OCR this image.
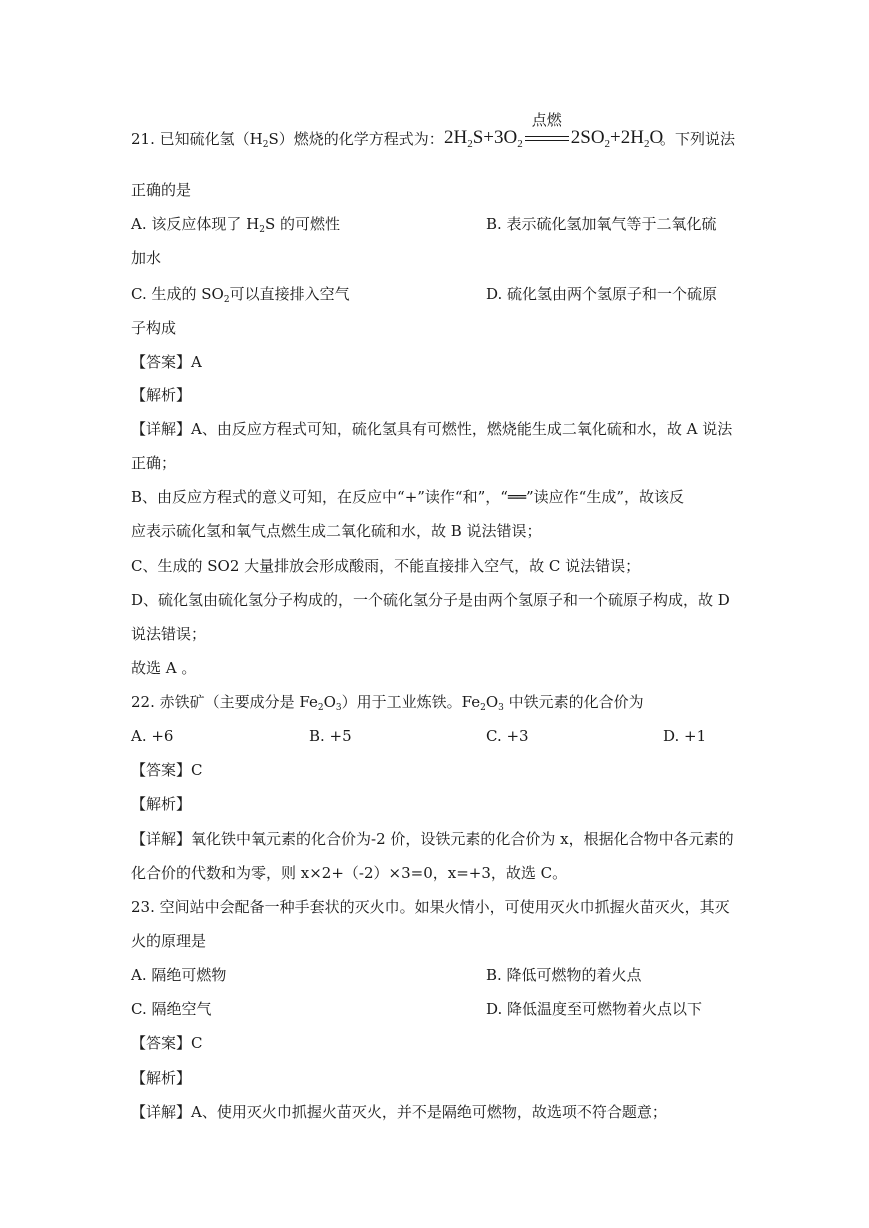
21. 已知硫化氢$(H_2S)$燃烧的化学方程式为： $2H_2S+3O_2$
点燃
$2SO_2+2H_2O$
。下列说法
正确的是
A. 该反应体现了 $H_2S$ 的可燃性	B. 表示硫化氢加氧气等于二氧化硫
加水
C. 生成的 $SO_2$可以直接排入空气	D. 硫化氢由两个氢原子和一个硫原
子构成
【答案】A
【解析】
【详解】A、由反应方程式可知，硫化氢具有可燃性，燃烧能生成二氧化硫和水，故 A 说法
正确；
B、由反应方程式的意义可知，在反应中“+”读作“和”，“══”读应作“生成”，故该反
应表示硫化氢和氧气点燃生成二氧化硫和水，故 B 说法错误；
C、生成的 SO2 大量排放会形成酸雨，不能直接排入空气，故 C 说法错误；
D、硫化氢由硫化氢分子构成的，一个硫化氢分子是由两个氢原子和一个硫原子构成，故 D
说法错误；
故选 A 。
22. 赤铁矿（主要成分是 $Fe_2O_3$）用于工业炼铁。$Fe_2O_3$ 中铁元素的化合价为
A. +6	B. +5	C. +3	D. +1
【答案】C
【解析】
【详解】氧化铁中氧元素的化合价为-2 价，设铁元素的化合价为 x，根据化合物中各元素的
化合价的代数和为零，则 x×2+（-2）×3=0，x=+3，故选 C。
23. 空间站中会配备一种手套状的灭火巾。如果火情小，可使用灭火巾抓握火苗灭火，其灭
火的原理是
A. 隔绝可燃物	B. 降低可燃物的着火点
C. 隔绝空气	D. 降低温度至可燃物着火点以下
【答案】C
【解析】
【详解】A、使用灭火巾抓握火苗灭火，并不是隔绝可燃物，故选项不符合题意；
